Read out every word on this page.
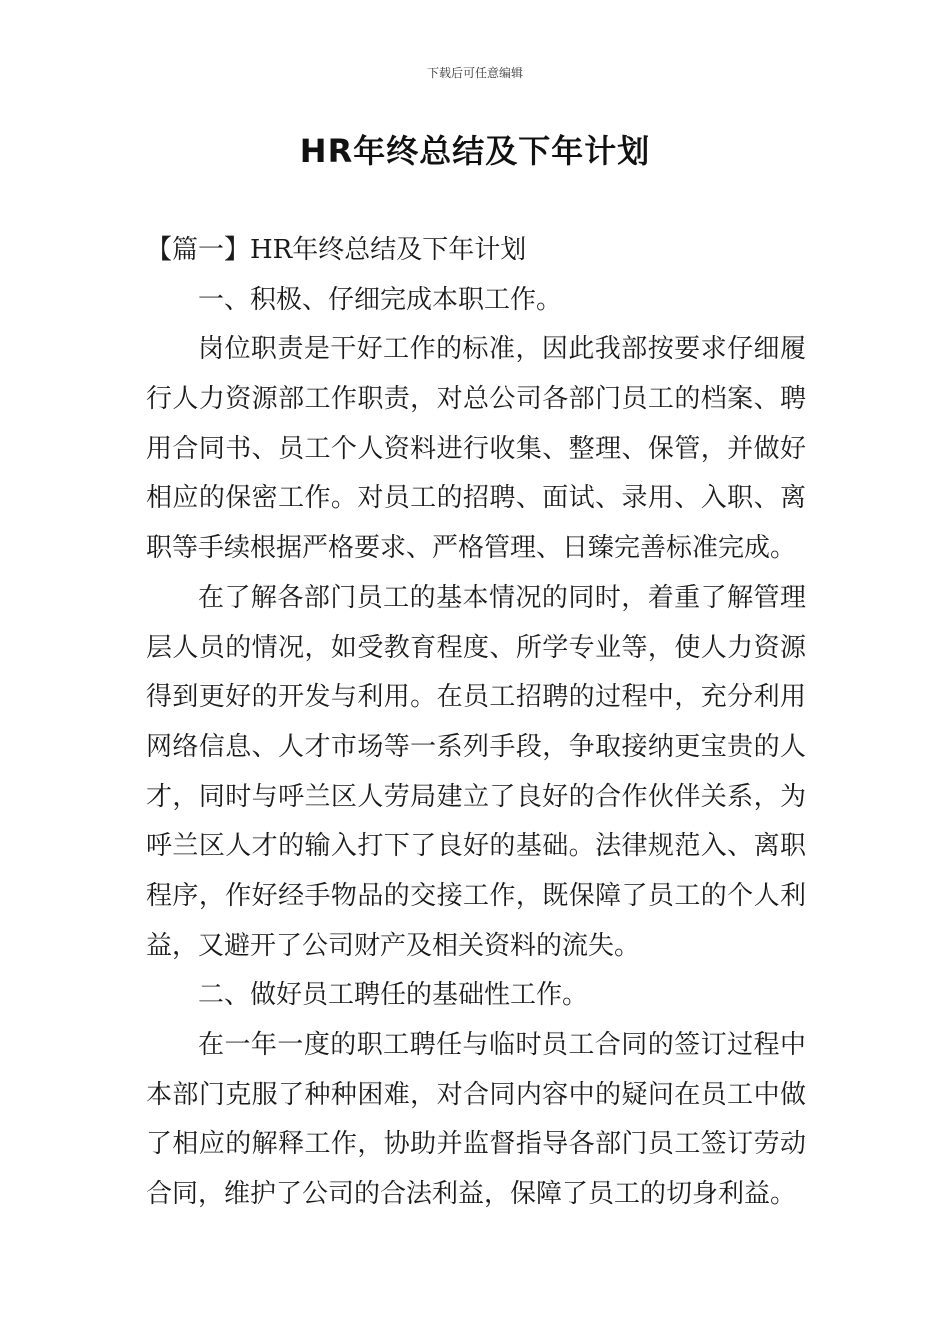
下载后可任意编辑
HR年终总结及下年计划
【篇一】HR年终总结及下年计划
一、积极、仔细完成本职工作。
岗位职责是干好工作的标准，因此我部按要求仔细履
行人力资源部工作职责，对总公司各部门员工的档案、聘
用合同书、员工个人资料进行收集、整理、保管，并做好
相应的保密工作。对员工的招聘、面试、录用、入职、离
职等手续根据严格要求、严格管理、日臻完善标准完成。
在了解各部门员工的基本情况的同时，着重了解管理
层人员的情况，如受教育程度、所学专业等，使人力资源
得到更好的开发与利用。在员工招聘的过程中，充分利用
网络信息、人才市场等一系列手段，争取接纳更宝贵的人
才，同时与呼兰区人劳局建立了良好的合作伙伴关系，为
呼兰区人才的输入打下了良好的基础。法律规范入、离职
程序，作好经手物品的交接工作，既保障了员工的个人利
益，又避开了公司财产及相关资料的流失。
二、做好员工聘任的基础性工作。
在一年一度的职工聘任与临时员工合同的签订过程中
本部门克服了种种困难，对合同内容中的疑问在员工中做
了相应的解释工作，协助并监督指导各部门员工签订劳动
合同，维护了公司的合法利益，保障了员工的切身利益。
